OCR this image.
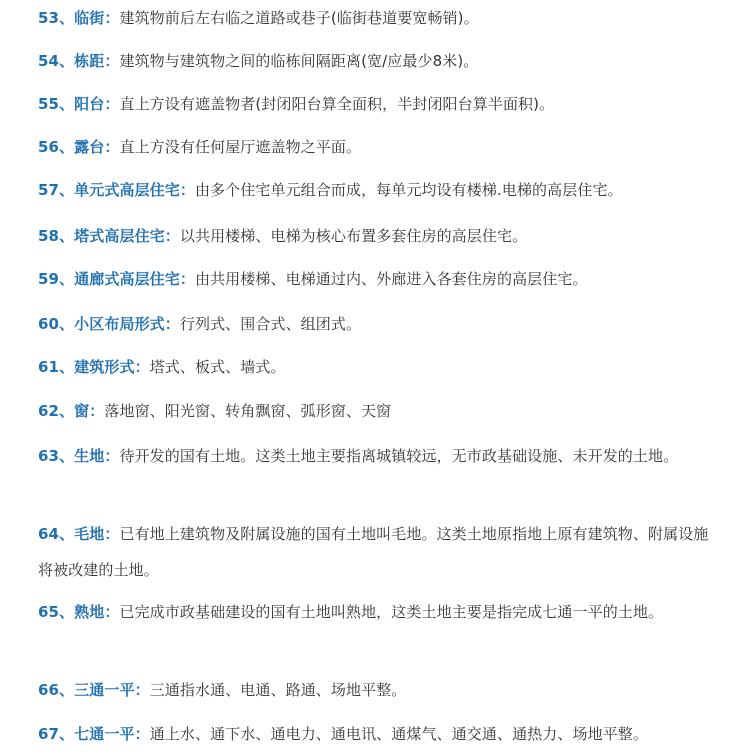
53、临街：建筑物前后左右临之道路或巷子(临街巷道要宽畅销)。

54、栋距：建筑物与建筑物之间的临栋间隔距离(宽/应最少8米)。

55、阳台：直上方设有遮盖物者(封闭阳台算全面积，半封闭阳台算半面积)。

56、露台：直上方没有任何屋厅遮盖物之平面。

57、单元式高层住宅：由多个住宅单元组合而成，每单元均设有楼梯.电梯的高层住宅。

58、塔式高层住宅：以共用楼梯、电梯为核心布置多套住房的高层住宅。

59、通廊式高层住宅：由共用楼梯、电梯通过内、外廊进入各套住房的高层住宅。

60、小区布局形式：行列式、围合式、组团式。

61、建筑形式：塔式、板式、墙式。

62、窗：落地窗、阳光窗、转角飘窗、弧形窗、天窗

63、生地：待开发的国有土地。这类土地主要指离城镇较远，无市政基础设施、未开发的土地。

64、毛地：已有地上建筑物及附属设施的国有土地叫毛地。这类土地原指地上原有建筑物、附属设施将被改建的土地。

65、熟地：已完成市政基础建设的国有土地叫熟地，这类土地主要是指完成七通一平的土地。

66、三通一平：三通指水通、电通、路通、场地平整。

67、七通一平：通上水、通下水、通电力、通电讯、通煤气、通交通、通热力、场地平整。
